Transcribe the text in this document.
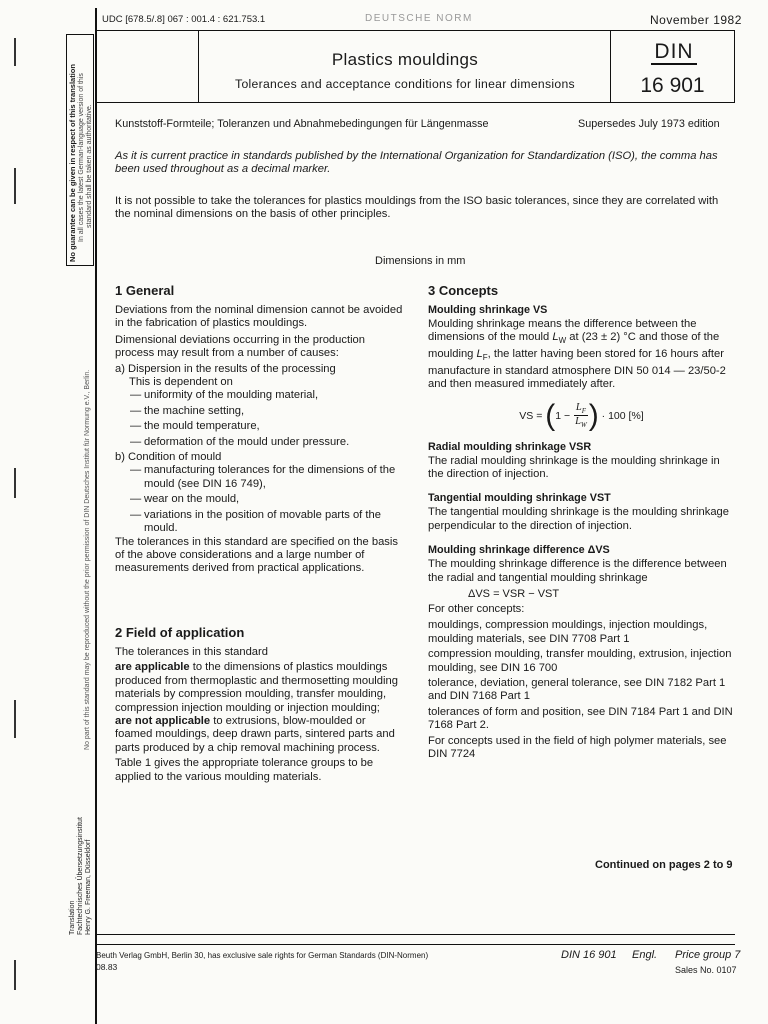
UDC [678.5/.8] 067 : 001.4 : 621.753.1	DEUTSCHE NORM	November 1982
Plastics mouldings
Tolerances and acceptance conditions for linear dimensions
DIN
16 901
Kunststoff-Formteile; Toleranzen und Abnahmebedingungen für Längenmasse	Supersedes July 1973 edition

As it is current practice in standards published by the International Organization for Standardization (ISO), the comma has been used throughout as a decimal marker.

It is not possible to take the tolerances for plastics mouldings from the ISO basic tolerances, since they are correlated with the nominal dimensions on the basis of other principles.

Dimensions in mm
1 General

Deviations from the nominal dimension cannot be avoided in the fabrication of plastics mouldings.

Dimensional deviations occurring in the production process may result from a number of causes:

a) Dispersion in the results of the processing

This is dependent on

— uniformity of the moulding material,
— the machine setting,
— the mould temperature,
— deformation of the mould under pressure.

b) Condition of mould

— manufacturing tolerances for the dimensions of the mould (see DIN 16 749),
— wear on the mould,
— variations in the position of movable parts of the mould.

The tolerances in this standard are specified on the basis of the above considerations and a large number of measurements derived from practical applications.

2 Field of application

The tolerances in this standard

are applicable to the dimensions of plastics mouldings produced from thermoplastic and thermosetting moulding materials by compression moulding, transfer moulding, compression injection moulding or injection moulding;

are not applicable to extrusions, blow-moulded or foamed mouldings, deep drawn parts, sintered parts and parts produced by a chip removal machining process.

Table 1 gives the appropriate tolerance groups to be applied to the various moulding materials.

3 Concepts
Moulding shrinkage VS

Moulding shrinkage means the difference between the dimensions of the mould $L_W$ at (23 ± 2) °C and those of the moulding $L_F$, the latter having been stored for 16 hours after manufacture in standard atmosphere DIN 50 014 — 23/50-2 and then measured immediately after.

VS = ( $1 - \frac{L_F}{L_W}$ ) · 100 [%]
Radial moulding shrinkage VSR

The radial moulding shrinkage is the moulding shrinkage in the direction of injection.

Tangential moulding shrinkage VST

The tangential moulding shrinkage is the moulding shrinkage perpendicular to the direction of injection.

Moulding shrinkage difference ΔVS

The moulding shrinkage difference is the difference between the radial and tangential moulding shrinkage

ΔVS = VSR − VST

For other concepts:

mouldings, compression mouldings, injection mouldings, moulding materials, see DIN 7708 Part 1

compression moulding, transfer moulding, extrusion, injection moulding, see DIN 16 700

tolerance, deviation, general tolerance, see DIN 7182 Part 1 and DIN 7168 Part 1

tolerances of form and position, see DIN 7184 Part 1 and DIN 7168 Part 2.

For concepts used in the field of high polymer materials, see DIN 7724

Continued on pages 2 to 9
Beuth Verlag GmbH, Berlin 30, has exclusive sale rights for German Standards (DIN-Normen)
08.83
DIN 16 901 Engl. Price group 7
Sales No. 0107
No guarantee can be given in respect of this translation In all cases the latest German-language version of this standard shall be taken as authoritative.
No part of this standard may be reproduced without the prior permission of DIN Deutsches Institut für Normung e.V., Berlin.
Translation Fachtechnisches Übersetzungsinstitut Henry G. Freeman, Düsseldorf
